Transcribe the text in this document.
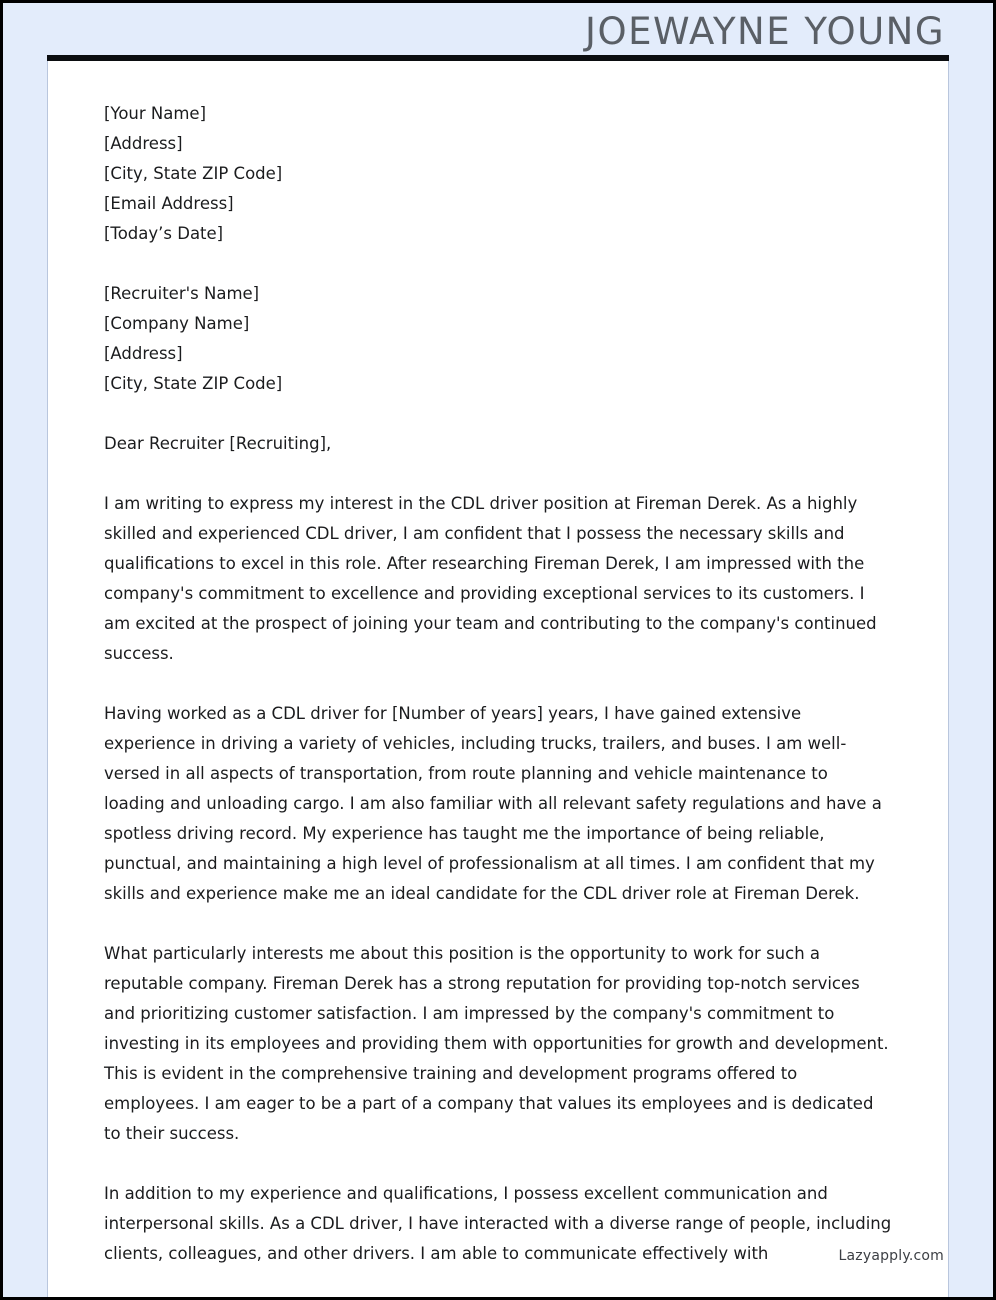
JOEWAYNE YOUNG
[Your Name]
[Address]
[City, State ZIP Code]
[Email Address]
[Today’s Date]
[Recruiter's Name]
[Company Name]
[Address]
[City, State ZIP Code]
Dear Recruiter [Recruiting],

I am writing to express my interest in the CDL driver position at Fireman Derek. As a highly skilled and experienced CDL driver, I am confident that I possess the necessary skills and qualifications to excel in this role. After researching Fireman Derek, I am impressed with the company's commitment to excellence and providing exceptional services to its customers. I am excited at the prospect of joining your team and contributing to the company's continued success.

Having worked as a CDL driver for [Number of years] years, I have gained extensive experience in driving a variety of vehicles, including trucks, trailers, and buses. I am well-versed in all aspects of transportation, from route planning and vehicle maintenance to loading and unloading cargo. I am also familiar with all relevant safety regulations and have a spotless driving record. My experience has taught me the importance of being reliable, punctual, and maintaining a high level of professionalism at all times. I am confident that my skills and experience make me an ideal candidate for the CDL driver role at Fireman Derek.

What particularly interests me about this position is the opportunity to work for such a reputable company. Fireman Derek has a strong reputation for providing top-notch services and prioritizing customer satisfaction. I am impressed by the company's commitment to investing in its employees and providing them with opportunities for growth and development. This is evident in the comprehensive training and development programs offered to employees. I am eager to be a part of a company that values its employees and is dedicated to their success.

In addition to my experience and qualifications, I possess excellent communication and interpersonal skills. As a CDL driver, I have interacted with a diverse range of people, including clients, colleagues, and other drivers. I am able to communicate effectively with	Lazyapply.com
